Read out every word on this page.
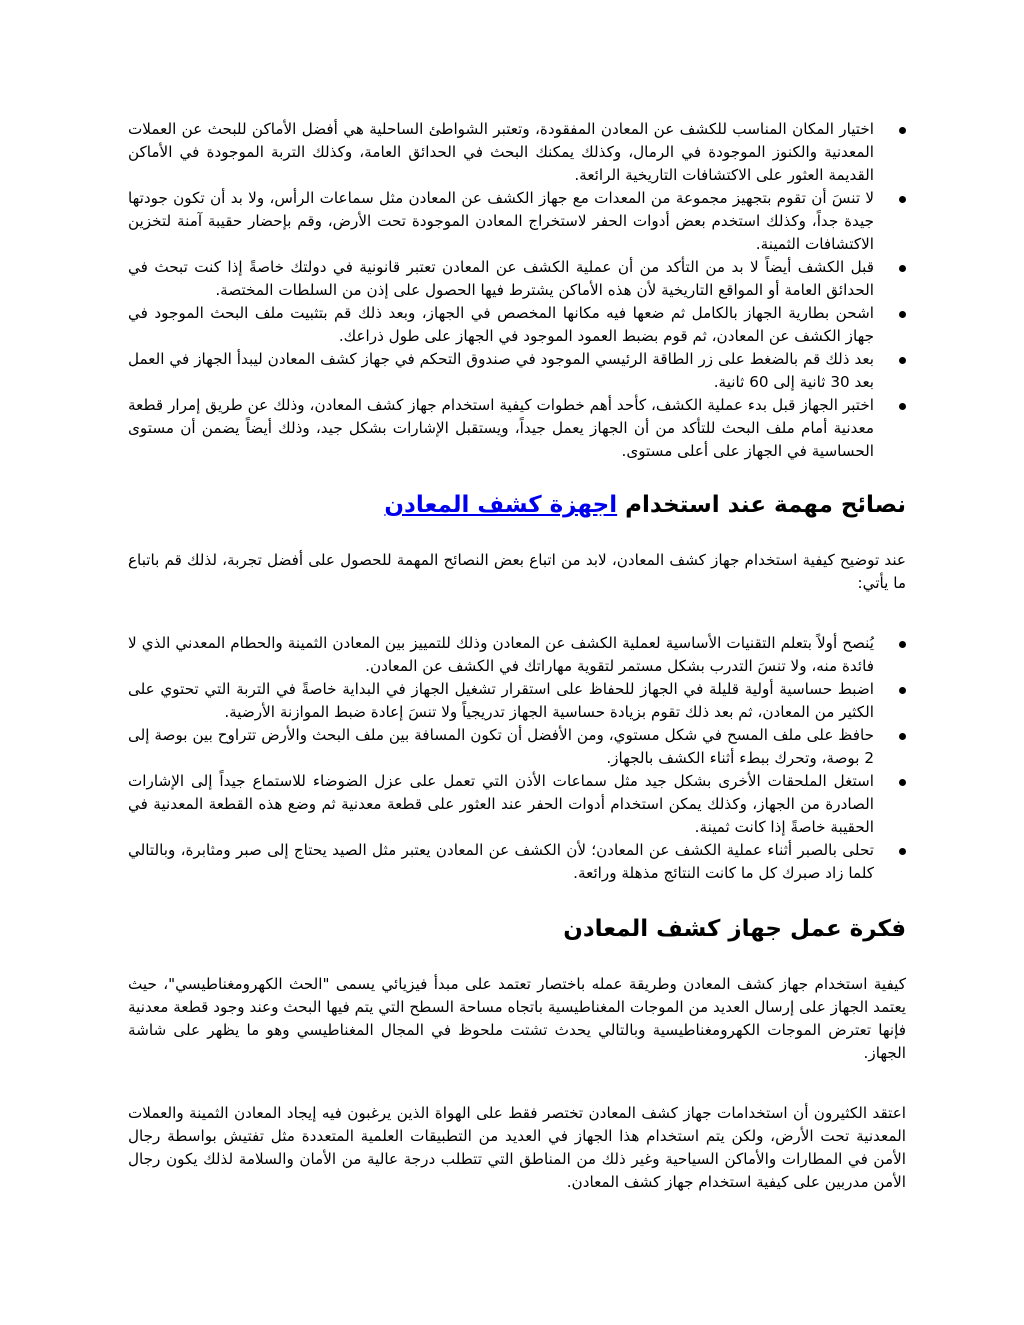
اختيار المكان المناسب للكشف عن المعادن المفقودة، وتعتبر الشواطئ الساحلية هي أفضل الأماكن للبحث عن العملات المعدنية والكنوز الموجودة في الرمال، وكذلك يمكنك البحث في الحدائق العامة، وكذلك التربة الموجودة في الأماكن القديمة العثور على الاكتشافات التاريخية الرائعة.
لا تنسَ أن تقوم بتجهيز مجموعة من المعدات مع جهاز الكشف عن المعادن مثل سماعات الرأس، ولا بد أن تكون جودتها جيدة جداً، وكذلك استخدم بعض أدوات الحفر لاستخراج المعادن الموجودة تحت الأرض، وقم بإحضار حقيبة آمنة لتخزين الاكتشافات الثمينة.
قبل الكشف أيضاً لا بد من التأكد من أن عملية الكشف عن المعادن تعتبر قانونية في دولتك خاصةً إذا كنت تبحث في الحدائق العامة أو المواقع التاريخية لأن هذه الأماكن يشترط فيها الحصول على إذن من السلطات المختصة.
اشحن بطارية الجهاز بالكامل ثم ضعها فيه مكانها المخصص في الجهاز، وبعد ذلك قم بتثبيت ملف البحث الموجود في جهاز الكشف عن المعادن، ثم قوم بضبط العمود الموجود في الجهاز على طول ذراعك.
بعد ذلك قم بالضغط على زر الطاقة الرئيسي الموجود في صندوق التحكم في جهاز كشف المعادن ليبدأ الجهاز في العمل بعد 30 ثانية إلى 60 ثانية.
اختبر الجهاز قبل بدء عملية الكشف، كأحد أهم خطوات كيفية استخدام جهاز كشف المعادن، وذلك عن طريق إمرار قطعة معدنية أمام ملف البحث للتأكد من أن الجهاز يعمل جيداً، ويستقبل الإشارات بشكل جيد، وذلك أيضاً يضمن أن مستوى الحساسية في الجهاز على أعلى مستوى.
نصائح مهمة عند استخدام اجهزة كشف المعادن

عند توضيح كيفية استخدام جهاز كشف المعادن، لابد من اتباع بعض النصائح المهمة للحصول على أفضل تجربة، لذلك قم باتباع ما يأتي:

يُنصح أولاً بتعلم التقنيات الأساسية لعملية الكشف عن المعادن وذلك للتمييز بين المعادن الثمينة والحطام المعدني الذي لا فائدة منه، ولا تنسَ التدرب بشكل مستمر لتقوية مهاراتك في الكشف عن المعادن.
اضبط حساسية أولية قليلة في الجهاز للحفاظ على استقرار تشغيل الجهاز في البداية خاصةً في التربة التي تحتوي على الكثير من المعادن، ثم بعد ذلك تقوم بزيادة حساسية الجهاز تدريجياً ولا تنسَ إعادة ضبط الموازنة الأرضية.
حافظ على ملف المسح في شكل مستوي، ومن الأفضل أن تكون المسافة بين ملف البحث والأرض تتراوح بين بوصة إلى 2 بوصة، وتحرك ببطء أثناء الكشف بالجهاز.
استغل الملحقات الأخرى بشكل جيد مثل سماعات الأذن التي تعمل على عزل الضوضاء للاستماع جيداً إلى الإشارات الصادرة من الجهاز، وكذلك يمكن استخدام أدوات الحفر عند العثور على قطعة معدنية ثم وضع هذه القطعة المعدنية في الحقيبة خاصةً إذا كانت ثمينة.
تحلى بالصبر أثناء عملية الكشف عن المعادن؛ لأن الكشف عن المعادن يعتبر مثل الصيد يحتاج إلى صبر ومثابرة، وبالتالي كلما زاد صبرك كل ما كانت النتائج مذهلة ورائعة.
فكرة عمل جهاز كشف المعادن

كيفية استخدام جهاز كشف المعادن وطريقة عمله باختصار تعتمد على مبدأ فيزيائي يسمى "الحث الكهرومغناطيسي"، حيث يعتمد الجهاز على إرسال العديد من الموجات المغناطيسية باتجاه مساحة السطح التي يتم فيها البحث وعند وجود قطعة معدنية فإنها تعترض الموجات الكهرومغناطيسية وبالتالي يحدث تشتت ملحوظ في المجال المغناطيسي وهو ما يظهر على شاشة الجهاز.

اعتقد الكثيرون أن استخدامات جهاز كشف المعادن تختصر فقط على الهواة الذين يرغبون فيه إيجاد المعادن الثمينة والعملات المعدنية تحت الأرض، ولكن يتم استخدام هذا الجهاز في العديد من التطبيقات العلمية المتعددة مثل تفتيش بواسطة رجال الأمن في المطارات والأماكن السياحية وغير ذلك من المناطق التي تتطلب درجة عالية من الأمان والسلامة لذلك يكون رجال الأمن مدربين على كيفية استخدام جهاز كشف المعادن.
